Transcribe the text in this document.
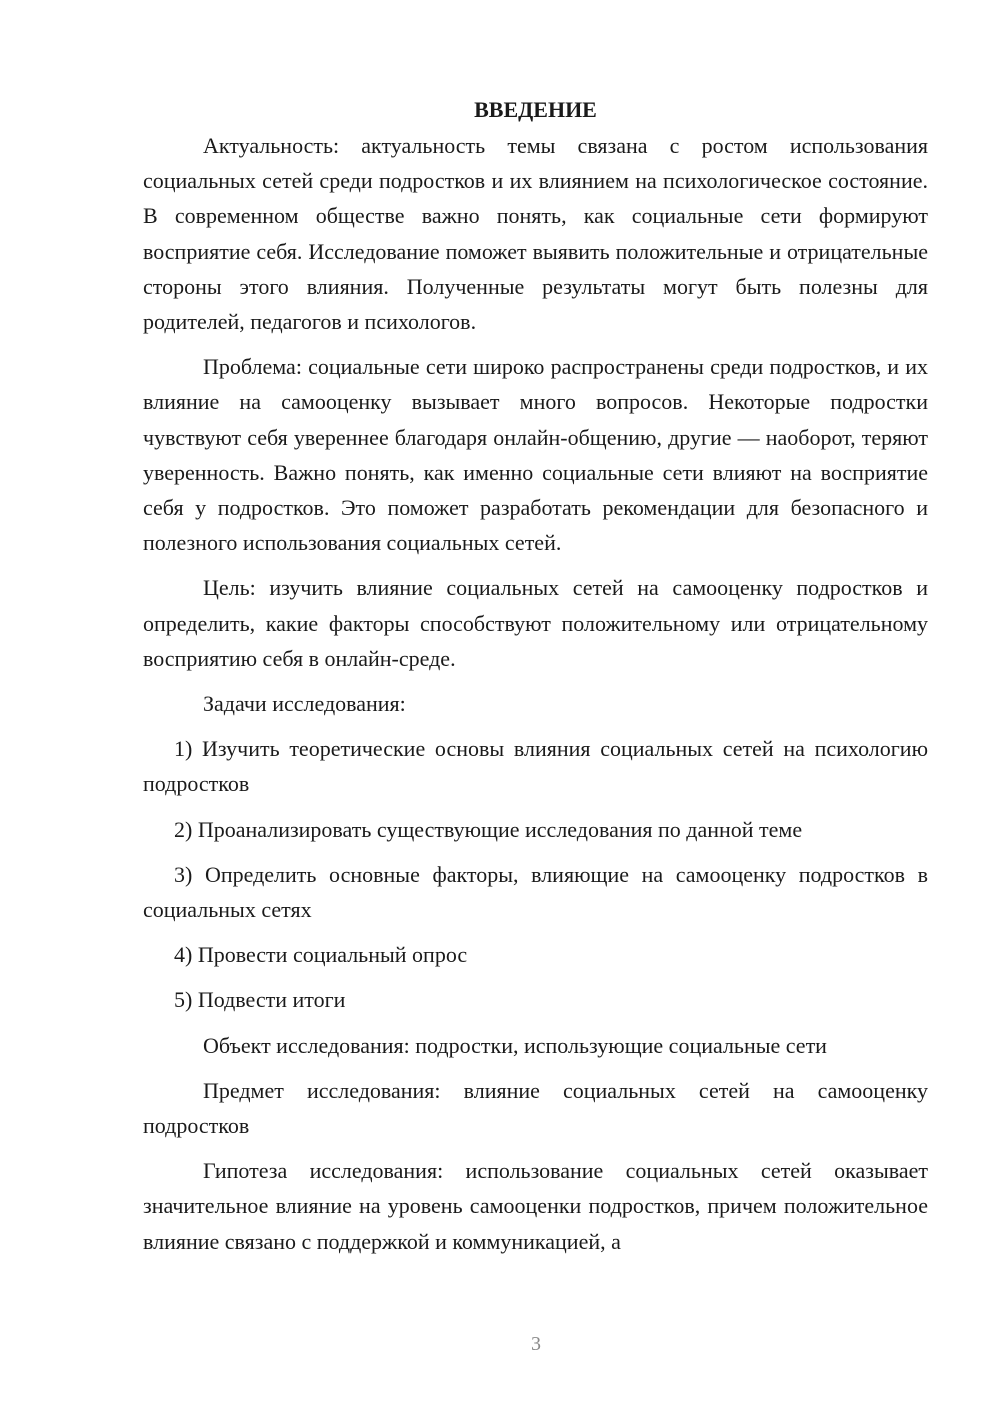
ВВЕДЕНИЕ

Актуальность: актуальность темы связана с ростом использования социальных сетей среди подростков и их влиянием на психологическое состояние. В современном обществе важно понять, как социальные сети формируют восприятие себя. Исследование поможет выявить положительные и отрицательные стороны этого влияния. Полученные результаты могут быть полезны для родителей, педагогов и психологов.

Проблема: социальные сети широко распространены среди подростков, и их влияние на самооценку вызывает много вопросов. Некоторые подростки чувствуют себя увереннее благодаря онлайн-общению, другие — наоборот, теряют уверенность. Важно понять, как именно социальные сети влияют на восприятие себя у подростков. Это поможет разработать рекомендации для безопасного и полезного использования социальных сетей.

Цель: изучить влияние социальных сетей на самооценку подростков и определить, какие факторы способствуют положительному или отрицательному восприятию себя в онлайн-среде.

Задачи исследования:

1) Изучить теоретические основы влияния социальных сетей на психологию подростков

2) Проанализировать существующие исследования по данной теме

3) Определить основные факторы, влияющие на самооценку подростков в социальных сетях

4) Провести социальный опрос

5) Подвести итоги

Объект исследования: подростки, использующие социальные сети

Предмет исследования: влияние социальных сетей на самооценку подростков

Гипотеза исследования: использование социальных сетей оказывает значительное влияние на уровень самооценки подростков, причем положительное влияние связано с поддержкой и коммуникацией, а

3
